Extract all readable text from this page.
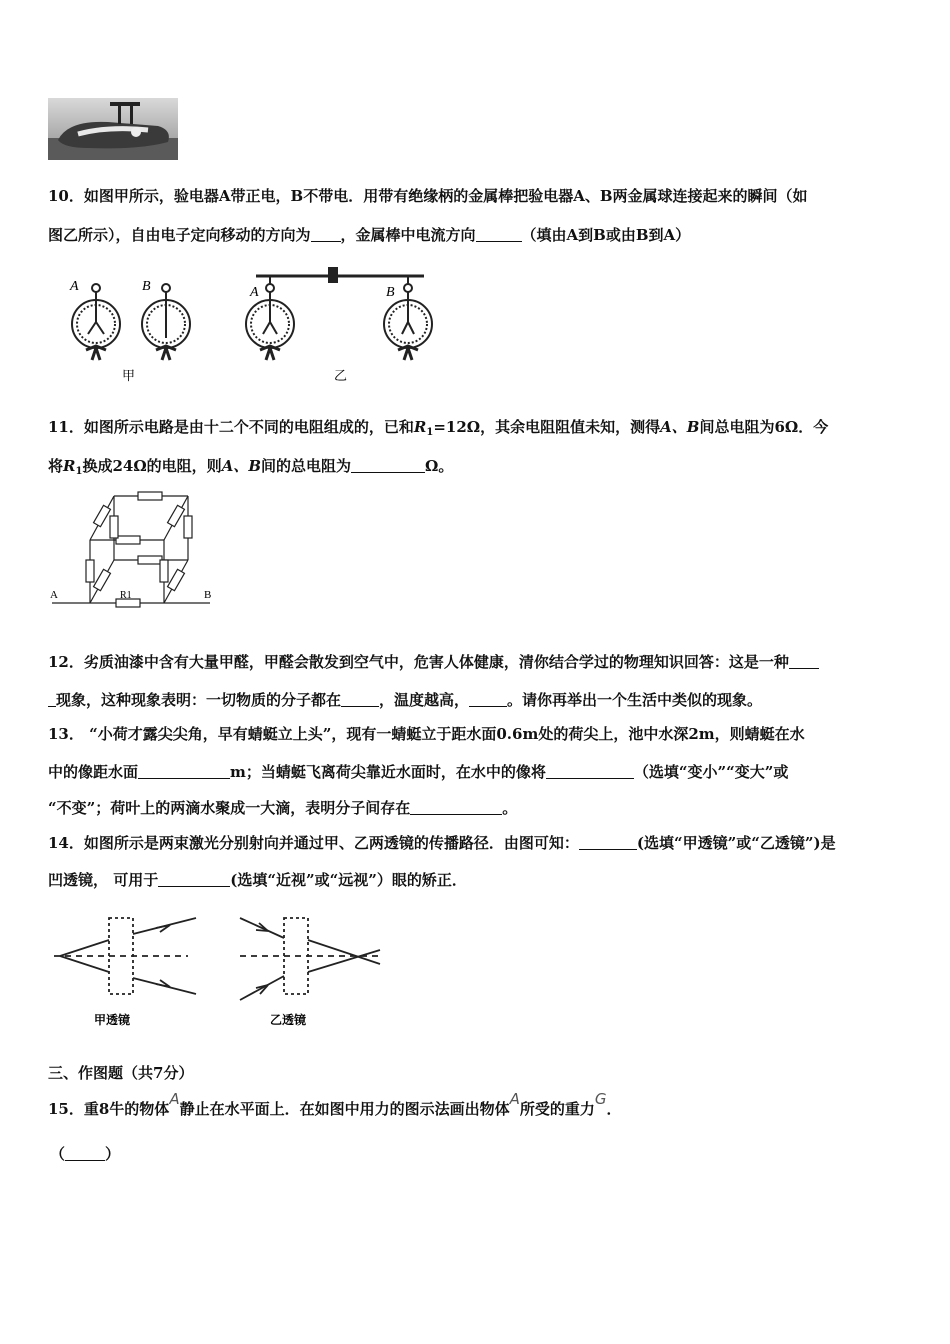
10．如图甲所示，验电器A带正电，B不带电．用带有绝缘柄的金属棒把验电器A、B两金属球连接起来的瞬间（如
图乙所示），自由电子定向移动的方向为 ，金属棒中电流方向	（填由A到B或由B到A）
A	B	A	B
甲	乙
11．如图所示电路是由十二个不同的电阻组成的，已和$R_1=12\Omega$，其余电阻阻值未知，测得A、B间总电阻为6Ω．今
将$R_1$换成24Ω的电阻，则A、B间的总电阻为	Ω。
A	B
R1
12．劣质油漆中含有大量甲醛，甲醛会散发到空气中，危害人体健康，清你结合学过的物理知识回答：这是一种
现象，这种现象表明：一切物质的分子都在	，温度越高，	。请你再举出一个生活中类似的现象。
13． “小荷才露尖尖角，早有蜻蜓立上头”，现有一蜻蜓立于距水面0.6m处的荷尖上，池中水深2m，则蜻蜓在水
中的像距水面	m；当蜻蜓飞离荷尖靠近水面时，在水中的像将	（选填“变小”“变大”或
“不变”；荷叶上的两滴水聚成一大滴，表明分子间存在	。
14．如图所示是两束激光分别射向并通过甲、乙两透镜的传播路径．由图可知：	(选填“甲透镜”或“乙透镜”)是
凹透镜， 可用于	(选填“近视”或“远视”）眼的矫正．
甲透镜	乙透镜
三、作图题（共7分）
15．重8牛的物体A静止在水平面上．在如图中用力的图示法画出物体A所受的重力G．
（	）
